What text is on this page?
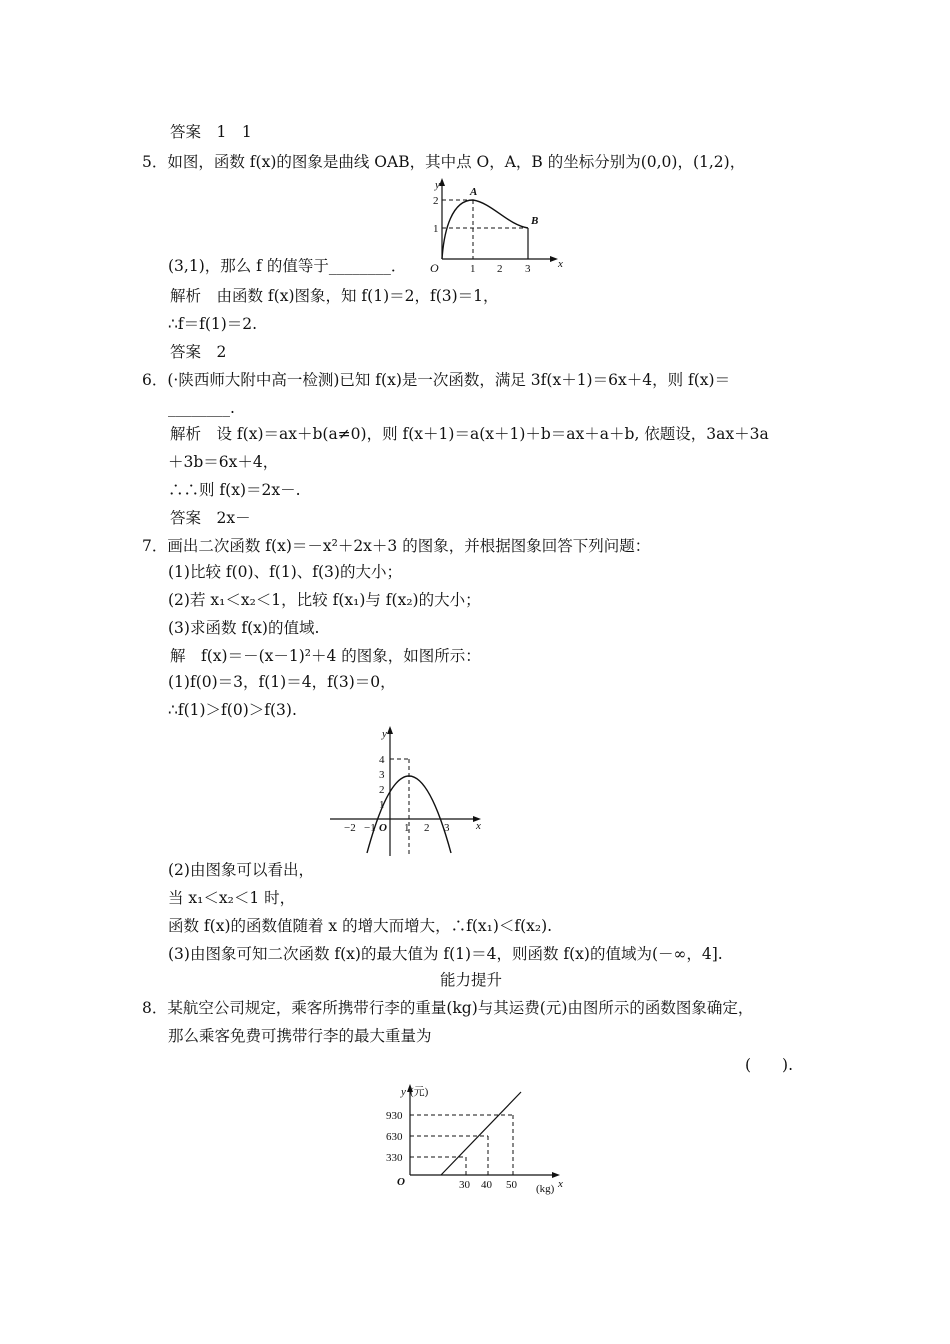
答案　1　1
5．如图，函数 f(x)的图象是曲线 OAB，其中点 O，A，B 的坐标分别为(0,0)，(1,2)，
(3,1)，那么 f 的值等于________．
解析　由函数 f(x)图象，知 f(1)＝2，f(3)＝1，
∴f＝f(1)＝2.
答案　2
6．(·陕西师大附中高一检测)已知 f(x)是一次函数，满足 3f(x＋1)＝6x＋4，则 f(x)＝
________.
解析　设 f(x)＝ax＋b(a≠0)，则 f(x＋1)＝a(x＋1)＋b＝ax＋a＋b, 依题设，3ax＋3a
＋3b＝6x＋4，
∴∴则 f(x)＝2x－.
答案　2x－
7．画出二次函数 f(x)＝－x²＋2x＋3 的图象，并根据图象回答下列问题：
(1)比较 f(0)、f(1)、f(3)的大小；
(2)若 x₁＜x₂＜1，比较 f(x₁)与 f(x₂)的大小；
(3)求函数 f(x)的值域.
解　f(x)＝－(x－1)²＋4 的图象，如图所示：
(1)f(0)＝3，f(1)＝4，f(3)＝0，
∴f(1)＞f(0)＞f(3).
(2)由图象可以看出，
当 x₁＜x₂＜1 时，
函数 f(x)的函数值随着 x 的增大而增大，∴f(x₁)＜f(x₂).
(3)由图象可知二次函数 f(x)的最大值为 f(1)＝4，则函数 f(x)的值域为(－∞，4].
能力提升
8．某航空公司规定，乘客所携带行李的重量(kg)与其运费(元)由图所示的函数图象确定，
那么乘客免费可携带行李的最大重量为
(　　).
y
x
O	1 2 3
1
2
A
B
y
x
4
3
2
1
−2 −1 O 1 2 3
y (元)
x
(kg)
O
930
630
330
30 40 50
